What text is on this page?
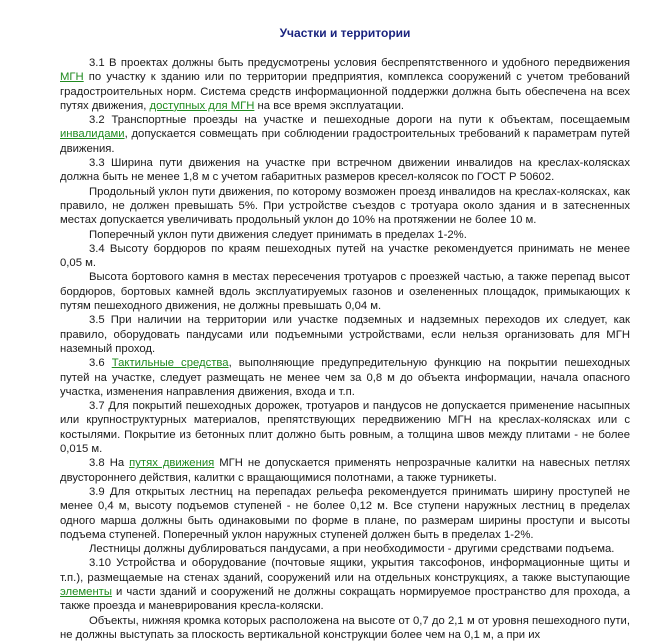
Участки и территории

3.1 В проектах должны быть предусмотрены условия беспрепятственного и удобного передвижения МГН по участку к зданию или по территории предприятия, комплекса сооружений с учетом требований градостроительных норм. Система средств информационной поддержки должна быть обеспечена на всех путях движения, доступных для МГН на все время эксплуатации.

3.2 Транспортные проезды на участке и пешеходные дороги на пути к объектам, посещаемым инвалидами, допускается совмещать при соблюдении градостроительных требований к параметрам путей движения.

3.3 Ширина пути движения на участке при встречном движении инвалидов на креслах-колясках должна быть не менее 1,8 м с учетом габаритных размеров кресел-колясок по ГОСТ Р 50602.

Продольный уклон пути движения, по которому возможен проезд инвалидов на креслах-колясках, как правило, не должен превышать 5%. При устройстве съездов с тротуара около здания и в затесненных местах допускается увеличивать продольный уклон до 10% на протяжении не более 10 м.

Поперечный уклон пути движения следует принимать в пределах 1-2%.

3.4 Высоту бордюров по краям пешеходных путей на участке рекомендуется принимать не менее 0,05 м.

Высота бортового камня в местах пересечения тротуаров с проезжей частью, а также перепад высот бордюров, бортовых камней вдоль эксплуатируемых газонов и озелененных площадок, примыкающих к путям пешеходного движения, не должны превышать 0,04 м.

3.5 При наличии на территории или участке подземных и надземных переходов их следует, как правило, оборудовать пандусами или подъемными устройствами, если нельзя организовать для МГН наземный проход.

3.6 Тактильные средства, выполняющие предупредительную функцию на покрытии пешеходных путей на участке, следует размещать не менее чем за 0,8 м до объекта информации, начала опасного участка, изменения направления движения, входа и т.п.

3.7 Для покрытий пешеходных дорожек, тротуаров и пандусов не допускается применение насыпных или крупноструктурных материалов, препятствующих передвижению МГН на креслах-колясках или с костылями. Покрытие из бетонных плит должно быть ровным, а толщина швов между плитами - не более 0,015 м.

3.8 На путях движения МГН не допускается применять непрозрачные калитки на навесных петлях двустороннего действия, калитки с вращающимися полотнами, а также турникеты.

3.9 Для открытых лестниц на перепадах рельефа рекомендуется принимать ширину проступей не менее 0,4 м, высоту подъемов ступеней - не более 0,12 м. Все ступени наружных лестниц в пределах одного марша должны быть одинаковыми по форме в плане, по размерам ширины проступи и высоты подъема ступеней. Поперечный уклон наружных ступеней должен быть в пределах 1-2%.

Лестницы должны дублироваться пандусами, а при необходимости - другими средствами подъема.

3.10 Устройства и оборудование (почтовые ящики, укрытия таксофонов, информационные щиты и т.п.), размещаемые на стенах зданий, сооружений или на отдельных конструкциях, а также выступающие элементы и части зданий и сооружений не должны сокращать нормируемое пространство для прохода, а также проезда и маневрирования кресла-коляски.

Объекты, нижняя кромка которых расположена на высоте от 0,7 до 2,1 м от уровня пешеходного пути, не должны выступать за плоскость вертикальной конструкции более чем на 0,1 м, а при их
